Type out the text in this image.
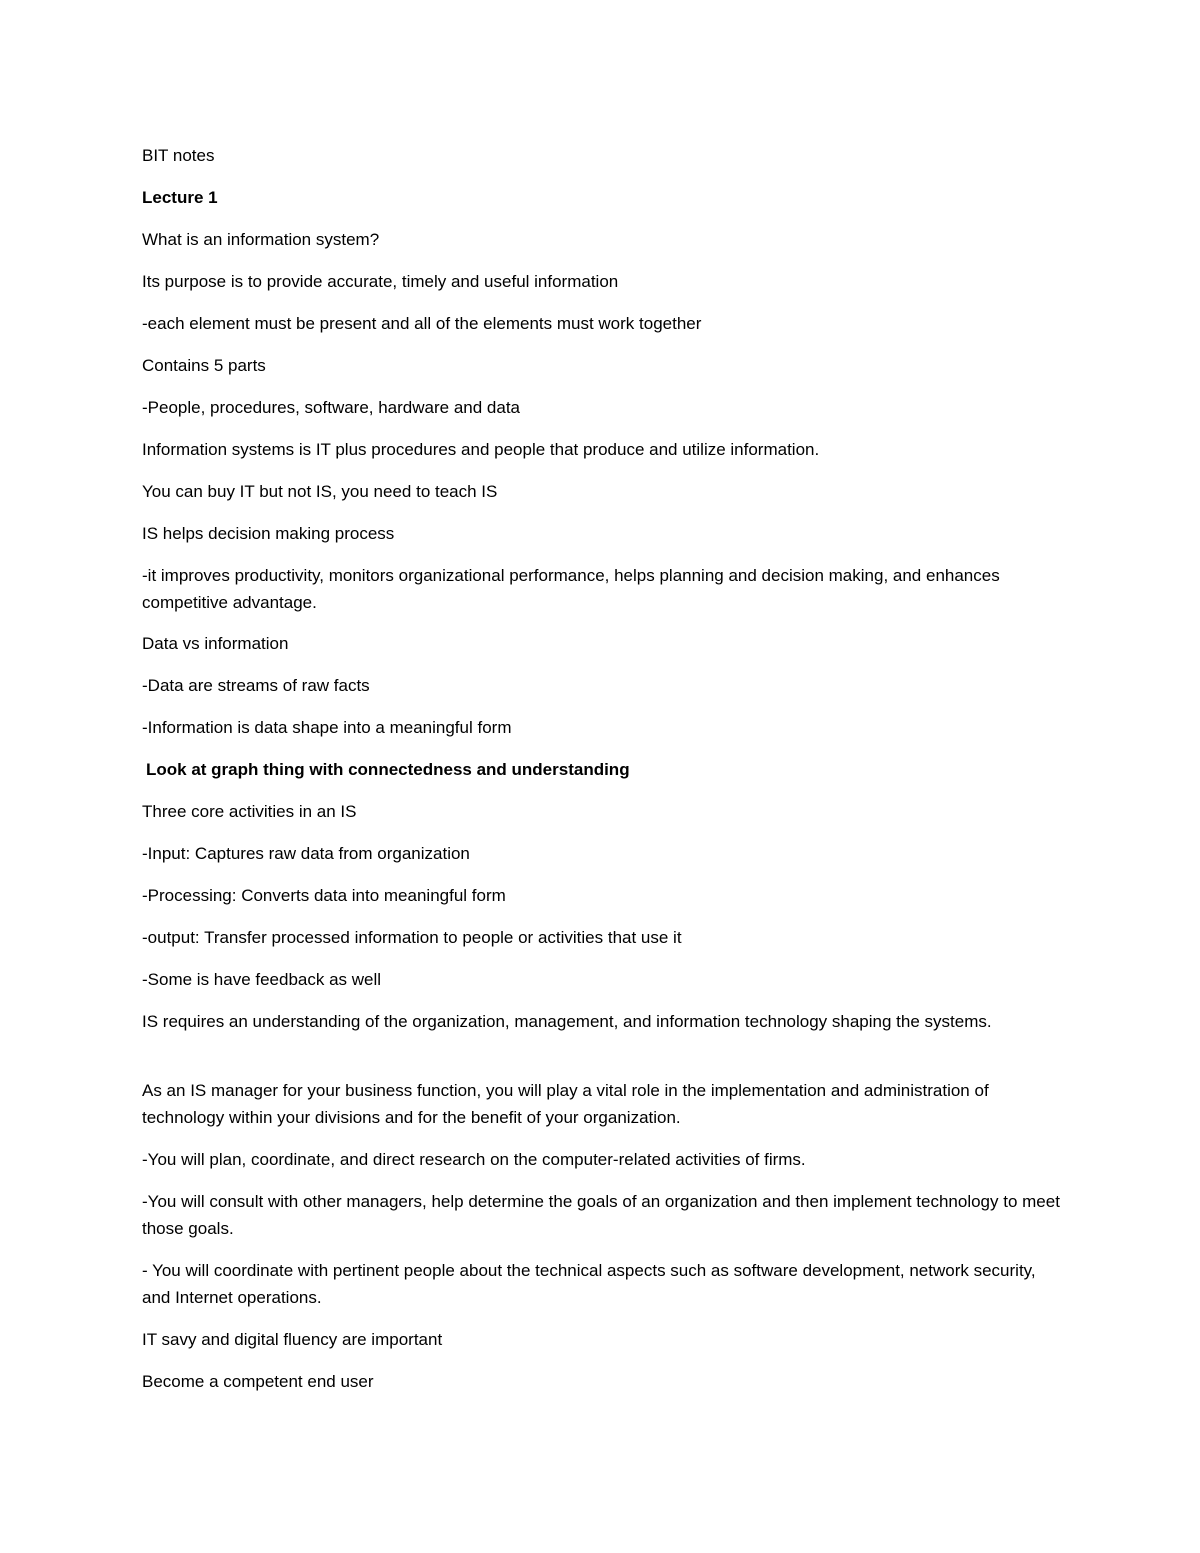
BIT notes

Lecture 1

What is an information system?

Its purpose is to provide accurate, timely and useful information

-each element must be present and all of the elements must work together

Contains 5 parts

-People, procedures, software, hardware and data

Information systems is IT plus procedures and people that produce and utilize information.

You can buy IT but not IS, you need to teach IS

IS helps decision making process

-it improves productivity, monitors organizational performance, helps planning and decision making, and enhances competitive advantage.

Data vs information

-Data are streams of raw facts

-Information is data shape into a meaningful form

Look at graph thing with connectedness and understanding

Three core activities in an IS

-Input: Captures raw data from organization

-Processing: Converts data into meaningful form

-output: Transfer processed information to people or activities that use it

-Some is have feedback as well

IS requires an understanding of the organization, management, and information technology shaping the systems.

As an IS manager for your business function, you will play a vital role in the implementation and administration of technology within your divisions and for the benefit of your organization.

-You will plan, coordinate, and direct research on the computer-related activities of firms.

-You will consult with other managers, help determine the goals of an organization and then implement technology to meet those goals.

- You will coordinate with pertinent people about the technical aspects such as software development, network security, and Internet operations.

IT savy and digital fluency are important

Become a competent end user
